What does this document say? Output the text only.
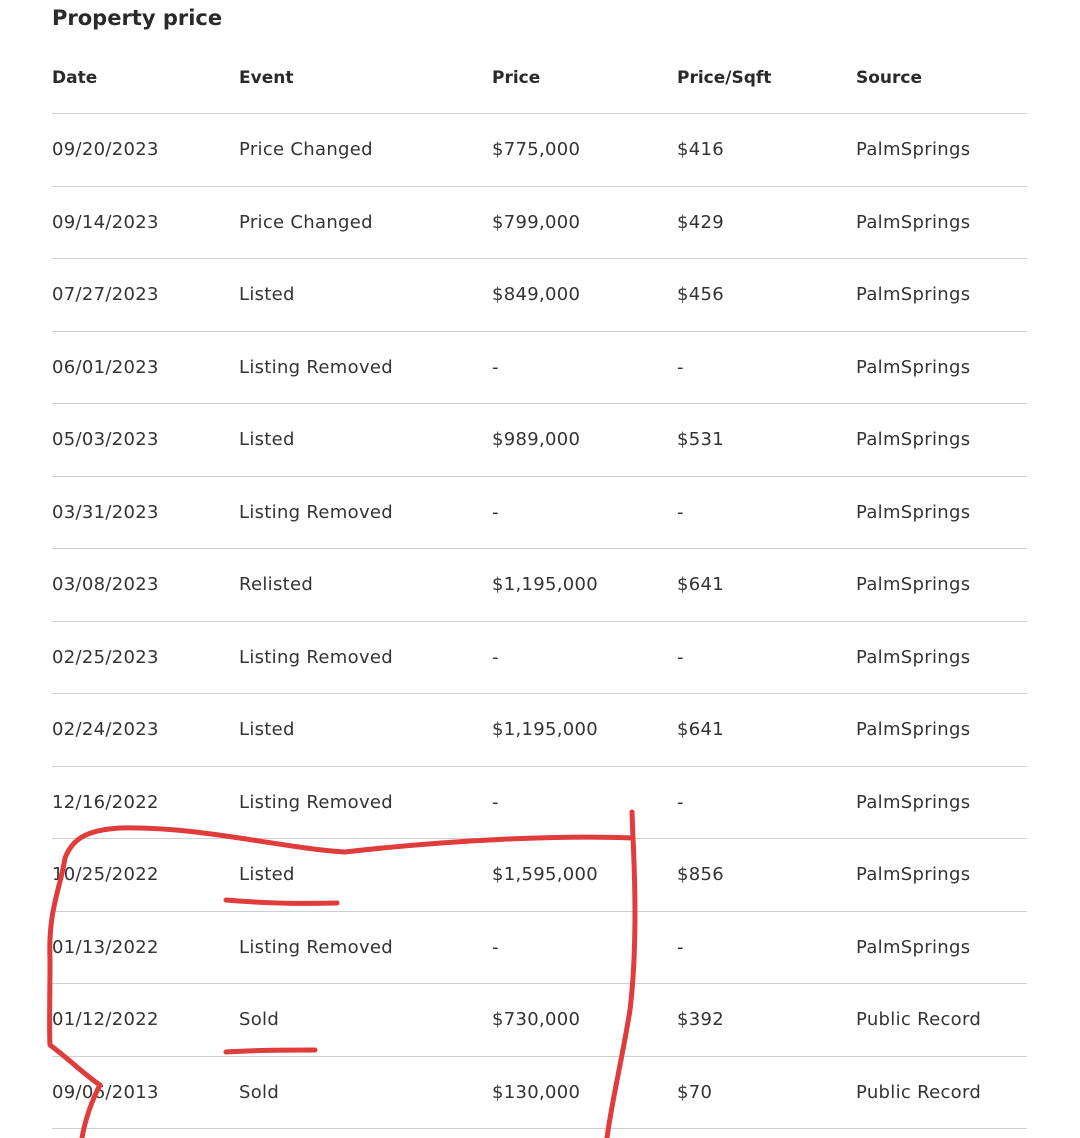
Property price
Date	Event	Price	Price/Sqft	Source
09/20/2023	Price Changed	$775,000	$416	PalmSprings
09/14/2023	Price Changed	$799,000	$429	PalmSprings
07/27/2023	Listed	$849,000	$456	PalmSprings
06/01/2023	Listing Removed	-	-	PalmSprings
05/03/2023	Listed	$989,000	$531	PalmSprings
03/31/2023	Listing Removed	-	-	PalmSprings
03/08/2023	Relisted	$1,195,000	$641	PalmSprings
02/25/2023	Listing Removed	-	-	PalmSprings
02/24/2023	Listed	$1,195,000	$641	PalmSprings
12/16/2022	Listing Removed	-	-	PalmSprings
10/25/2022	Listed	$1,595,000	$856	PalmSprings
01/13/2022	Listing Removed	-	-	PalmSprings
01/12/2022	Sold	$730,000	$392	Public Record
09/06/2013	Sold	$130,000	$70	Public Record
